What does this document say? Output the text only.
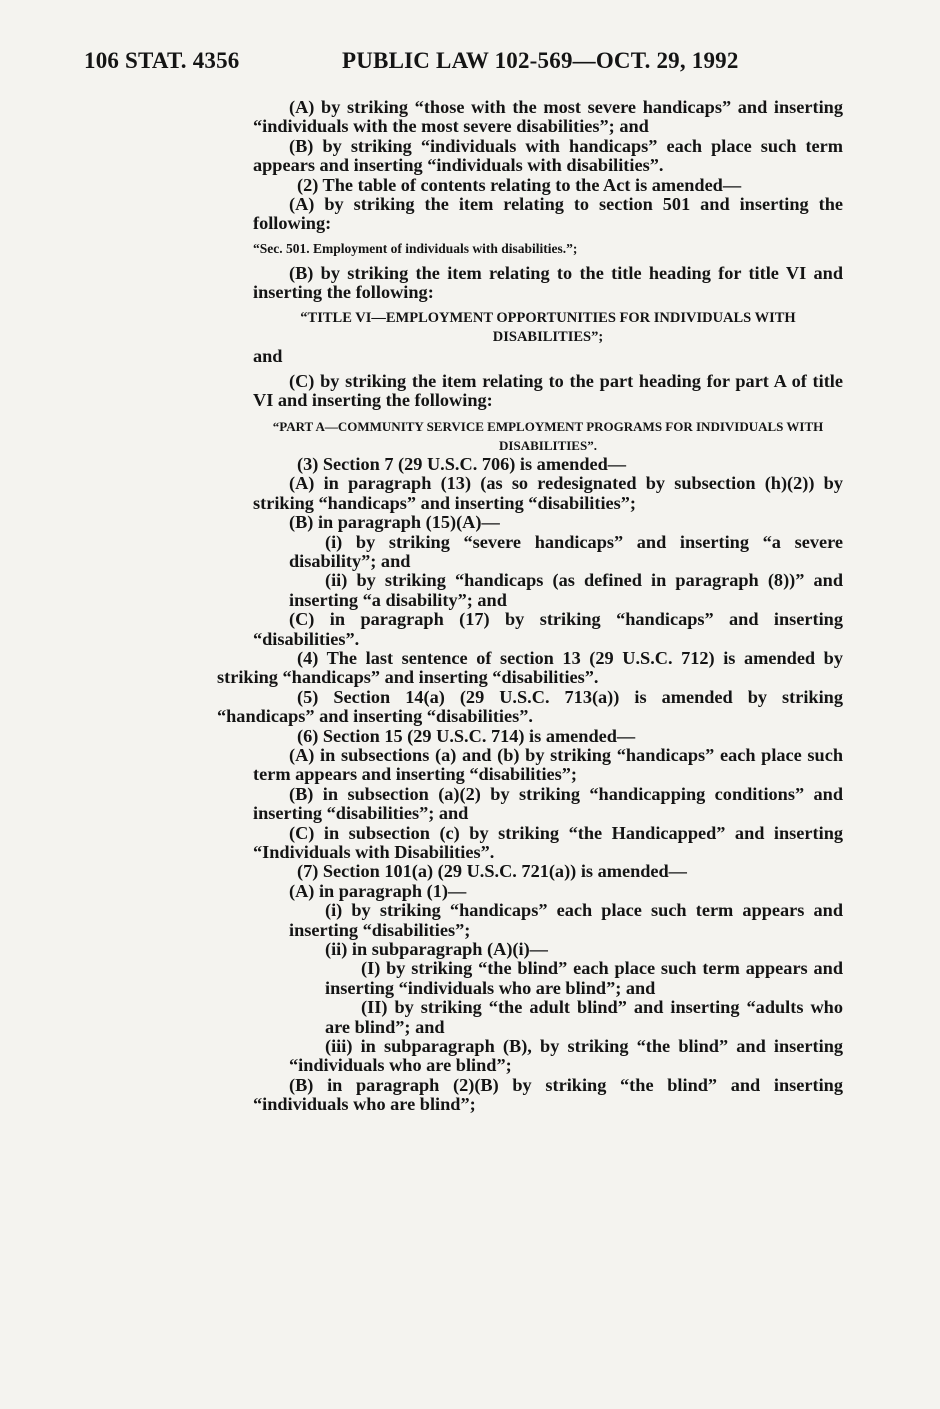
106 STAT. 4356	PUBLIC LAW 102-569—OCT. 29, 1992

(A) by striking “those with the most severe handicaps” and inserting “individuals with the most severe disabilities”; and

(B) by striking “individuals with handicaps” each place such term appears and inserting “individuals with disabilities”.

(2) The table of contents relating to the Act is amended—

(A) by striking the item relating to section 501 and inserting the following:

“Sec. 501. Employment of individuals with disabilities.”;

(B) by striking the item relating to the title heading for title VI and inserting the following:

“TITLE VI—EMPLOYMENT OPPORTUNITIES FOR INDIVIDUALS WITH DISABILITIES”;

and

(C) by striking the item relating to the part heading for part A of title VI and inserting the following:

“PART A—COMMUNITY SERVICE EMPLOYMENT PROGRAMS FOR INDIVIDUALS WITH DISABILITIES”.

(3) Section 7 (29 U.S.C. 706) is amended—

(A) in paragraph (13) (as so redesignated by subsection (h)(2)) by striking “handicaps” and inserting “disabilities”;

(B) in paragraph (15)(A)—

(i) by striking “severe handicaps” and inserting “a severe disability”; and

(ii) by striking “handicaps (as defined in paragraph (8))” and inserting “a disability”; and

(C) in paragraph (17) by striking “handicaps” and inserting “disabilities”.

(4) The last sentence of section 13 (29 U.S.C. 712) is amended by striking “handicaps” and inserting “disabilities”.

(5) Section 14(a) (29 U.S.C. 713(a)) is amended by striking “handicaps” and inserting “disabilities”.

(6) Section 15 (29 U.S.C. 714) is amended—

(A) in subsections (a) and (b) by striking “handicaps” each place such term appears and inserting “disabilities”;

(B) in subsection (a)(2) by striking “handicapping conditions” and inserting “disabilities”; and

(C) in subsection (c) by striking “the Handicapped” and inserting “Individuals with Disabilities”.

(7) Section 101(a) (29 U.S.C. 721(a)) is amended—

(A) in paragraph (1)—

(i) by striking “handicaps” each place such term appears and inserting “disabilities”;

(ii) in subparagraph (A)(i)—

(I) by striking “the blind” each place such term appears and inserting “individuals who are blind”; and

(II) by striking “the adult blind” and inserting “adults who are blind”; and

(iii) in subparagraph (B), by striking “the blind” and inserting “individuals who are blind”;

(B) in paragraph (2)(B) by striking “the blind” and inserting “individuals who are blind”;
